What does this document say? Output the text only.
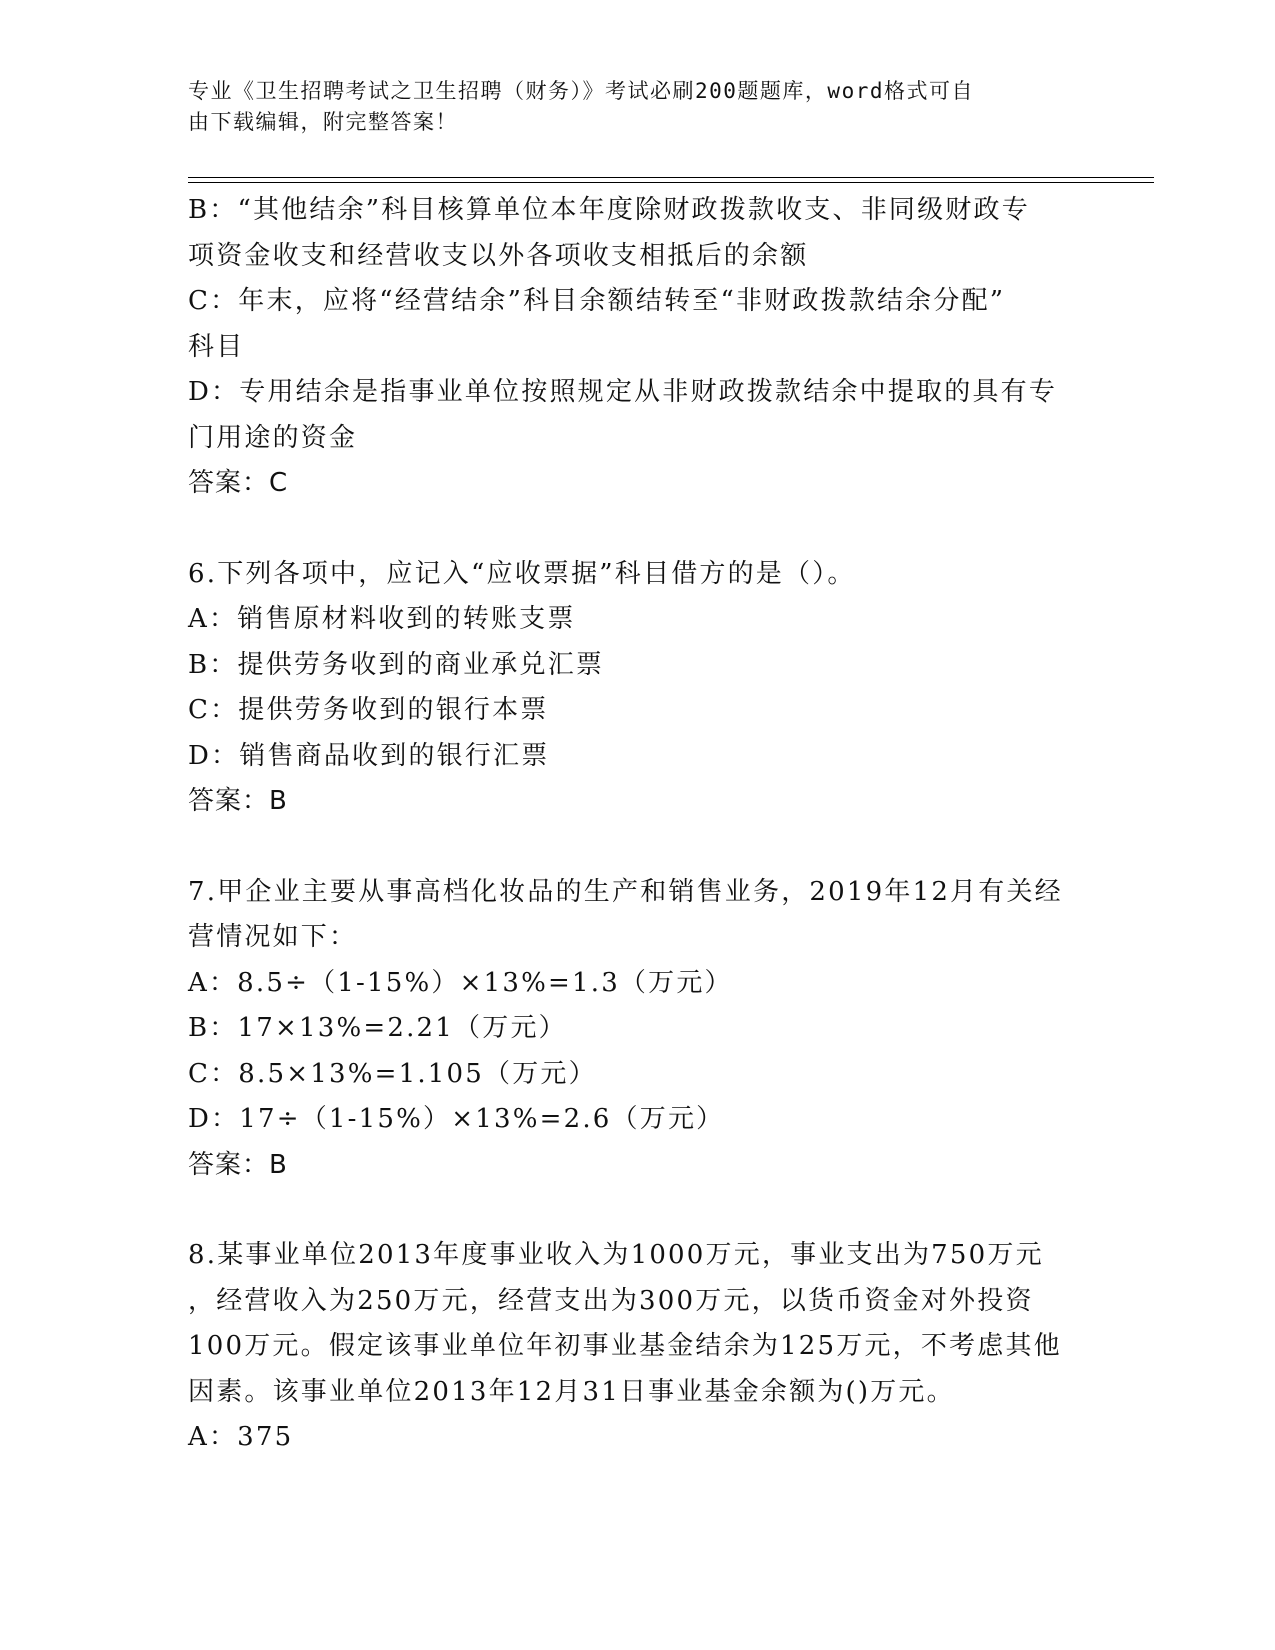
专业《卫生招聘考试之卫生招聘（财务）》考试必刷200题题库，word格式可自
由下载编辑，附完整答案！
B：“其他结余”科目核算单位本年度除财政拨款收支、非同级财政专
项资金收支和经营收支以外各项收支相抵后的余额
C：年末，应将“经营结余”科目余额结转至“非财政拨款结余分配”
科目
D：专用结余是指事业单位按照规定从非财政拨款结余中提取的具有专
门用途的资金
答案：C
6.下列各项中，应记入“应收票据”科目借方的是（）。
A：销售原材料收到的转账支票
B：提供劳务收到的商业承兑汇票
C：提供劳务收到的银行本票
D：销售商品收到的银行汇票
答案：B
7.甲企业主要从事高档化妆品的生产和销售业务，2019年12月有关经
营情况如下：
A：8.5÷（1-15%）×13%=1.3（万元）
B：17×13%=2.21（万元）
C：8.5×13%=1.105（万元）
D：17÷（1-15%）×13%=2.6（万元）
答案：B
8.某事业单位2013年度事业收入为1000万元，事业支出为750万元
，经营收入为250万元，经营支出为300万元，以货币资金对外投资
100万元。假定该事业单位年初事业基金结余为125万元，不考虑其他
因素。该事业单位2013年12月31日事业基金余额为()万元。
A：375
